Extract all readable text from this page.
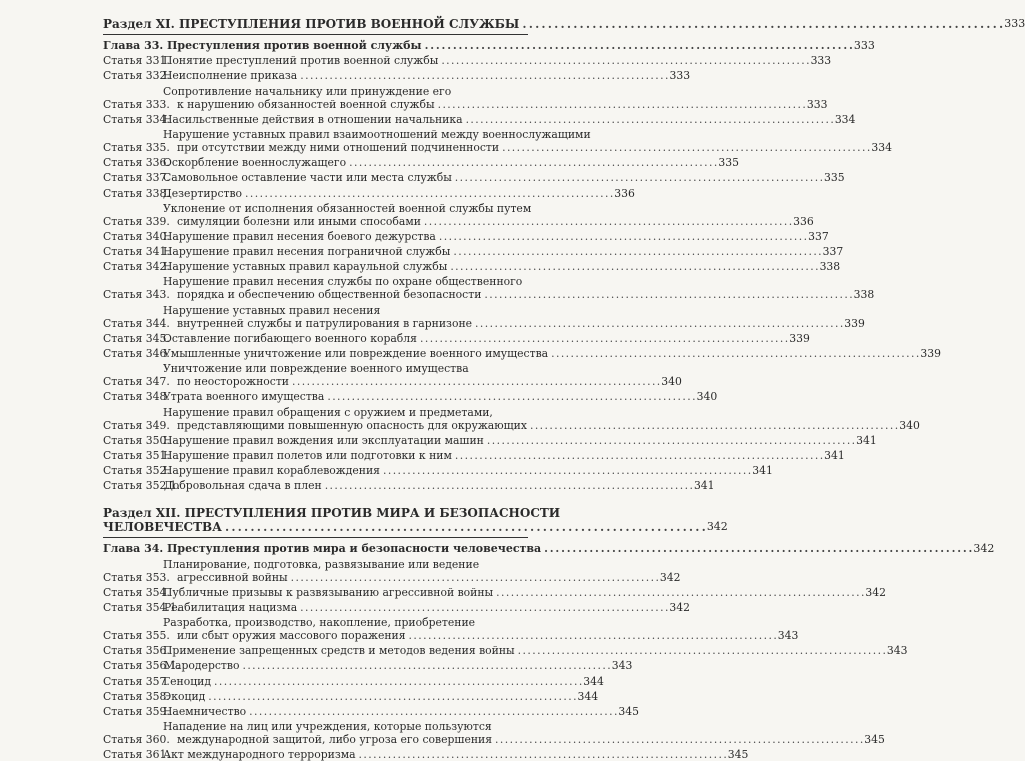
Раздел XI. ПРЕСТУПЛЕНИЯ ПРОТИВ ВОЕННОЙ СЛУЖБЫ . . .	333
Глава 33. Преступления против военной службы . . .	333
Статья 331.
Понятие преступлений против военной службы . . .	333
Статья 332.
Неисполнение приказа . . .	333
Статья 333.
Сопротивление начальнику или принуждение его
к нарушению обязанностей военной службы . . .	333
Статья 334.
Насильственные действия в отношении начальника . . .	334
Статья 335.
Нарушение уставных правил взаимоотношений между военнослужащими
при отсутствии между ними отношений подчиненности . . .	334
Статья 336.
Оскорбление военнослужащего . . .	335
Статья 337.
Самовольное оставление части или места службы . . .	335
Статья 338.
Дезертирство . . .	336
Статья 339.
Уклонение от исполнения обязанностей военной службы путем
симуляции болезни или иными способами . . .	336
Статья 340.
Нарушение правил несения боевого дежурства . . .	337
Статья 341.
Нарушение правил несения пограничной службы . . .	337
Статья 342.
Нарушение уставных правил караульной службы . . .	338
Статья 343.
Нарушение правил несения службы по охране общественного
порядка и обеспечению общественной безопасности . . .	338
Статья 344.
Нарушение уставных правил несения
внутренней службы и патрулирования в гарнизоне . . .	339
Статья 345.
Оставление погибающего военного корабля . . .	339
Статья 346.
Умышленные уничтожение или повреждение военного имущества . . .	339
Статья 347.
Уничтожение или повреждение военного имущества
по неосторожности . . .	340
Статья 348.
Утрата военного имущества . . .	340
Статья 349.
Нарушение правил обращения с оружием и предметами,
представляющими повышенную опасность для окружающих . . .	340
Статья 350.
Нарушение правил вождения или эксплуатации машин . . .	341
Статья 351.
Нарушение правил полетов или подготовки к ним . . .	341
Статья 352.
Нарушение правил кораблевождения . . .	341
Статья 352.1.
Добровольная сдача в плен . . .	341
Раздел XII. ПРЕСТУПЛЕНИЯ ПРОТИВ МИРА И БЕЗОПАСНОСТИ
ЧЕЛОВЕЧЕСТВА . . .	342
Глава 34. Преступления против мира и безопасности человечества . . .	342
Статья 353.
Планирование, подготовка, развязывание или ведение
агрессивной войны . . .	342
Статья 354.
Публичные призывы к развязыванию агрессивной войны . . .	342
Статья 354.1.
Реабилитация нацизма . . .	342
Статья 355.
Разработка, производство, накопление, приобретение
или сбыт оружия массового поражения . . .	343
Статья 356.
Применение запрещенных средств и методов ведения войны . . .	343
Статья 356.1.
Мародерство . . .	343
Статья 357.
Геноцид . . .	344
Статья 358.
Экоцид . . .	344
Статья 359.
Наемничество . . .	345
Статья 360.
Нападение на лиц или учреждения, которые пользуются
международной защитой, либо угроза его совершения . . .	345
Статья 361.
Акт международного терроризма . . .	345
